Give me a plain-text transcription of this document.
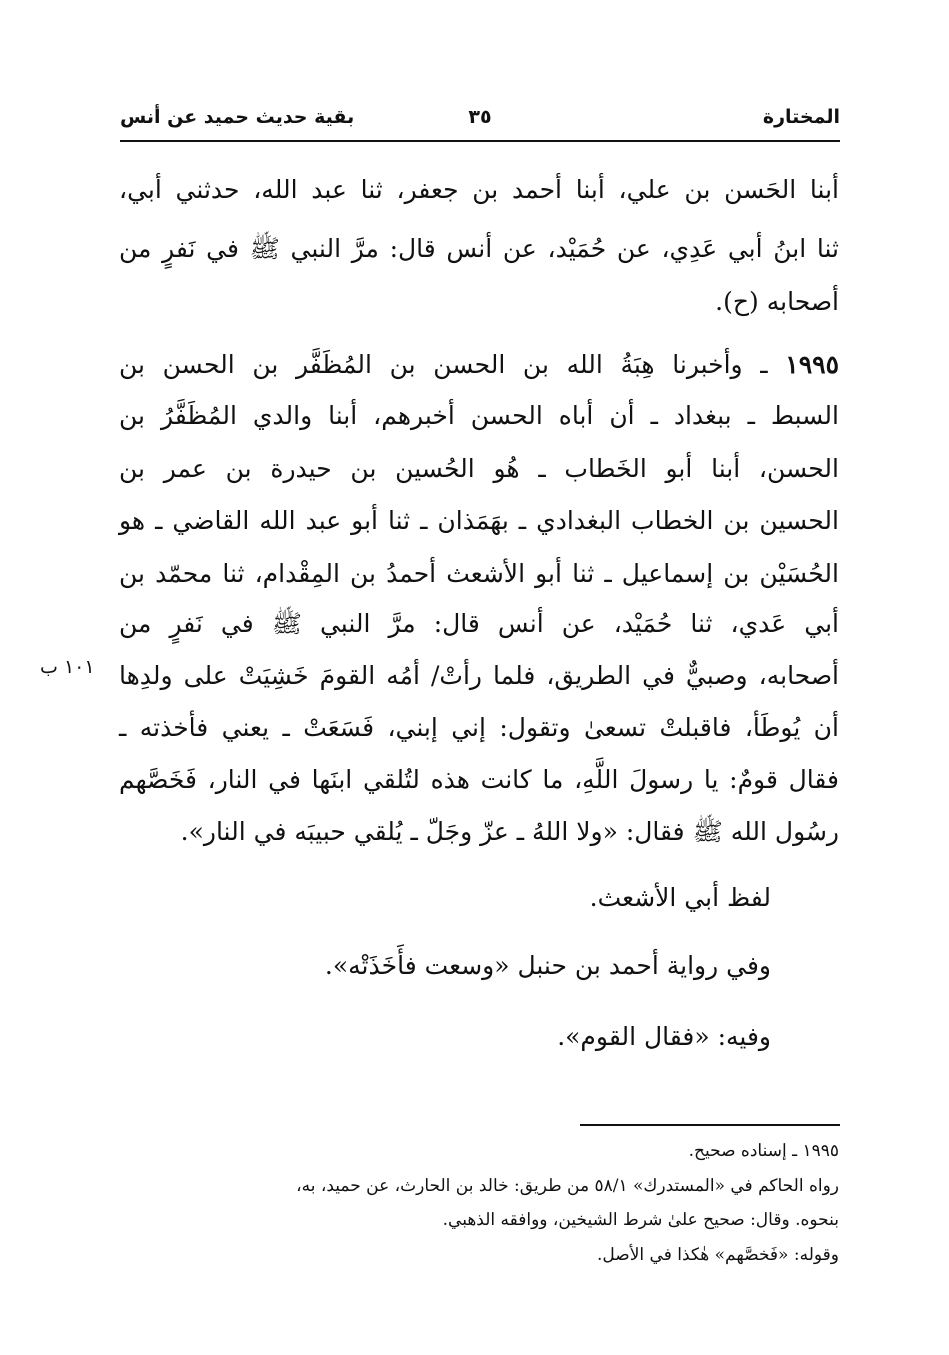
المختارة
٣٥
بقية حديث حميد عن أنس
أبنا الحَسن بن علي، أبنا أحمد بن جعفر، ثنا عبد الله، حدثني أبي،
ثنا ابنُ أبي عَدِي، عن حُمَيْد، عن أنس قال: مرَّ النبي ﷺ في نَفرٍ من
أصحابه (ح).
١٩٩٥ ـ وأخبرنا هِبَةُ الله بن الحسن بن المُظَفَّر بن الحسن بن
السبط ـ ببغداد ـ أن أباه الحسن أخبرهم، أبنا والدي المُظَفَّرُ بن
الحسن، أبنا أبو الخَطاب ـ هُو الحُسين بن حيدرة بن عمر بن
الحسين بن الخطاب البغدادي ـ بهَمَذان ـ ثنا أبو عبد الله القاضي ـ هو
الحُسَيْن بن إسماعيل ـ ثنا أبو الأشعث أحمدُ بن المِقْدام، ثنا محمّد بن
أبي عَدي، ثنا حُمَيْد، عن أنس قال: مرَّ النبي ﷺ في نَفرٍ من
أصحابه، وصبيٌّ في الطريق، فلما رأتْ/ أمُه القومَ خَشِيَتْ على ولدِها
أن يُوطَأ، فاقبلتْ تسعىٰ وتقول: إني إبني، فَسَعَتْ ـ يعني فأخذته ـ
فقال قومٌ: يا رسولَ اللَّهِ، ما كانت هذه لتُلقي ابنَها في النار، فَخَصَّهم
رسُول الله ﷺ فقال: «ولا اللهُ ـ عزّ وجَلّ ـ يُلقي حبيبَه في النار».
١٠١ ب
لفظ أبي الأشعث.
وفي رواية أحمد بن حنبل «وسعت فأَخَذَتْه».
وفيه: «فقال القوم».
١٩٩٥ ـ إسناده صحيح.
رواه الحاكم في «المستدرك» ٥٨/١ من طريق: خالد بن الحارث، عن حميد، به،
بنحوه. وقال: صحيح علىٰ شرط الشيخين، ووافقه الذهبي.
وقوله: «فَخصَّهم» هٰكذا في الأصل.
